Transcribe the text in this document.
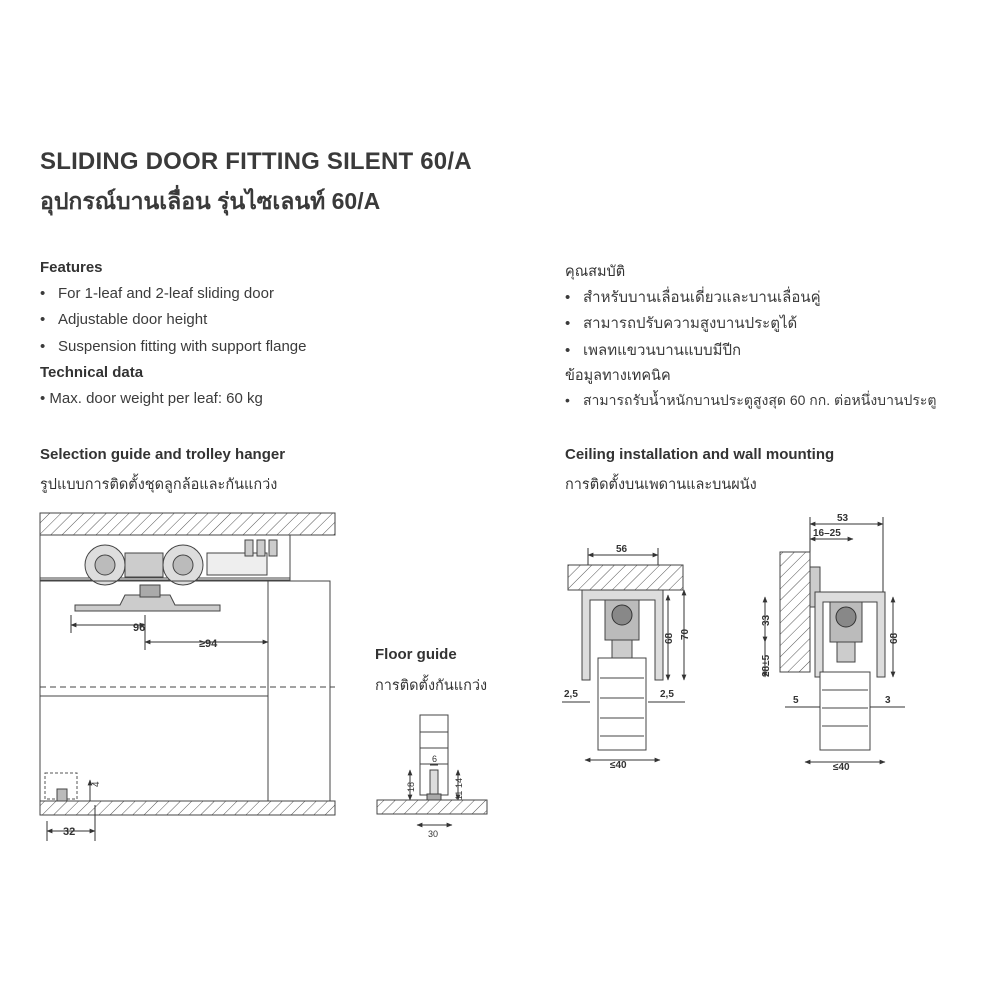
SLIDING DOOR FITTING SILENT 60/A
อุปกรณ์บานเลื่อน รุ่นไซเลนท์ 60/A
Features
• For 1-leaf and 2-leaf sliding door
• Adjustable door height
• Suspension fitting with support flange
Technical data
• Max. door weight per leaf: 60 kg
คุณสมบัติ
• สำหรับบานเลื่อนเดี่ยวและบานเลื่อนคู่
• สามารถปรับความสูงบานประตูได้
• เพลทแขวนบานแบบมีปีก
ข้อมูลทางเทคนิค
• สามารถรับน้ำหนักบานประตูสูงสุด 60 กก. ต่อหนึ่งบานประตู
Selection guide and trolley hanger
รูปแบบการติดตั้งชุดลูกล้อและกันแกว่ง
Ceiling installation and wall mounting
การติดตั้งบนเพดานและบนผนัง
Floor guide
การติดตั้งกันแกว่ง
96
≥94
4
32
6
18
11
14
30
56
68 70
2,5	2,5
≤40
53
16–25
33
28±5
68
5	3
≤40
